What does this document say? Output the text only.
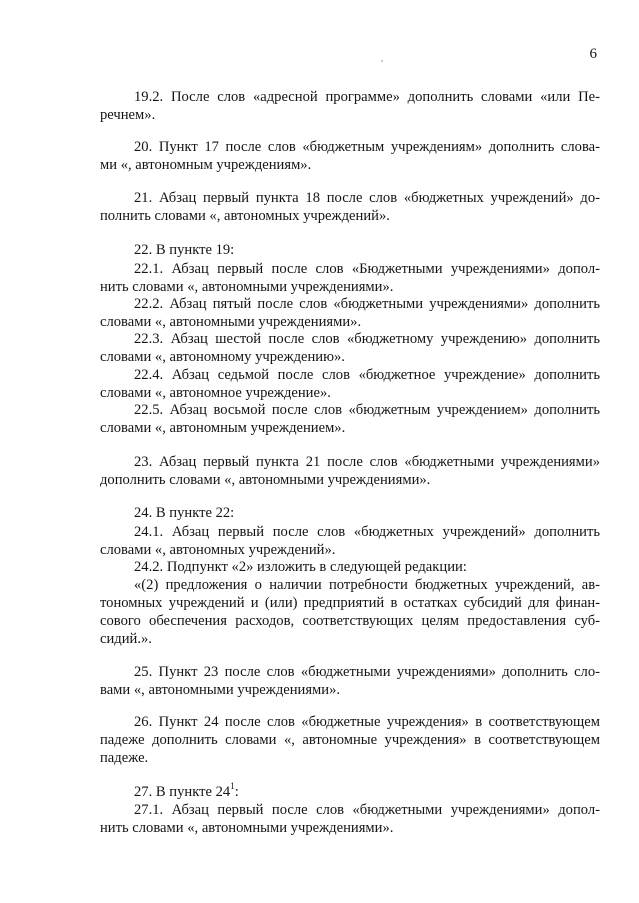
6
19.2. После слов «адресной программе» дополнить словами «или Пе-
речнем».
20. Пункт 17 после слов «бюджетным учреждениям» дополнить слова-
ми «, автономным учреждениям».
21. Абзац первый пункта 18 после слов «бюджетных учреждений» до-
полнить словами «, автономных учреждений».
22. В пункте 19:
22.1. Абзац первый после слов «Бюджетными учреждениями» допол-
нить словами «, автономными учреждениями».
22.2. Абзац пятый после слов «бюджетными учреждениями» дополнить
словами «, автономными учреждениями».
22.3. Абзац шестой после слов «бюджетному учреждению» дополнить
словами «, автономному учреждению».
22.4. Абзац седьмой после слов «бюджетное учреждение» дополнить
словами «, автономное учреждение».
22.5. Абзац восьмой после слов «бюджетным учреждением» дополнить
словами «, автономным учреждением».
23. Абзац первый пункта 21 после слов «бюджетными учреждениями»
дополнить словами «, автономными учреждениями».
24. В пункте 22:
24.1. Абзац первый после слов «бюджетных учреждений» дополнить
словами «, автономных учреждений».
24.2. Подпункт «2» изложить в следующей редакции:
«(2) предложения о наличии потребности бюджетных учреждений, ав-
тономных учреждений и (или) предприятий в остатках субсидий для финан-
сового обеспечения расходов, соответствующих целям предоставления суб-
сидий.».
25. Пункт 23 после слов «бюджетными учреждениями» дополнить сло-
вами «, автономными учреждениями».
26. Пункт 24 после слов «бюджетные учреждения» в соответствующем
падеже дополнить словами «, автономные учреждения» в соответствующем
падеже.
27. В пункте $24^1$:
27.1. Абзац первый после слов «бюджетными учреждениями» допол-
нить словами «, автономными учреждениями».
